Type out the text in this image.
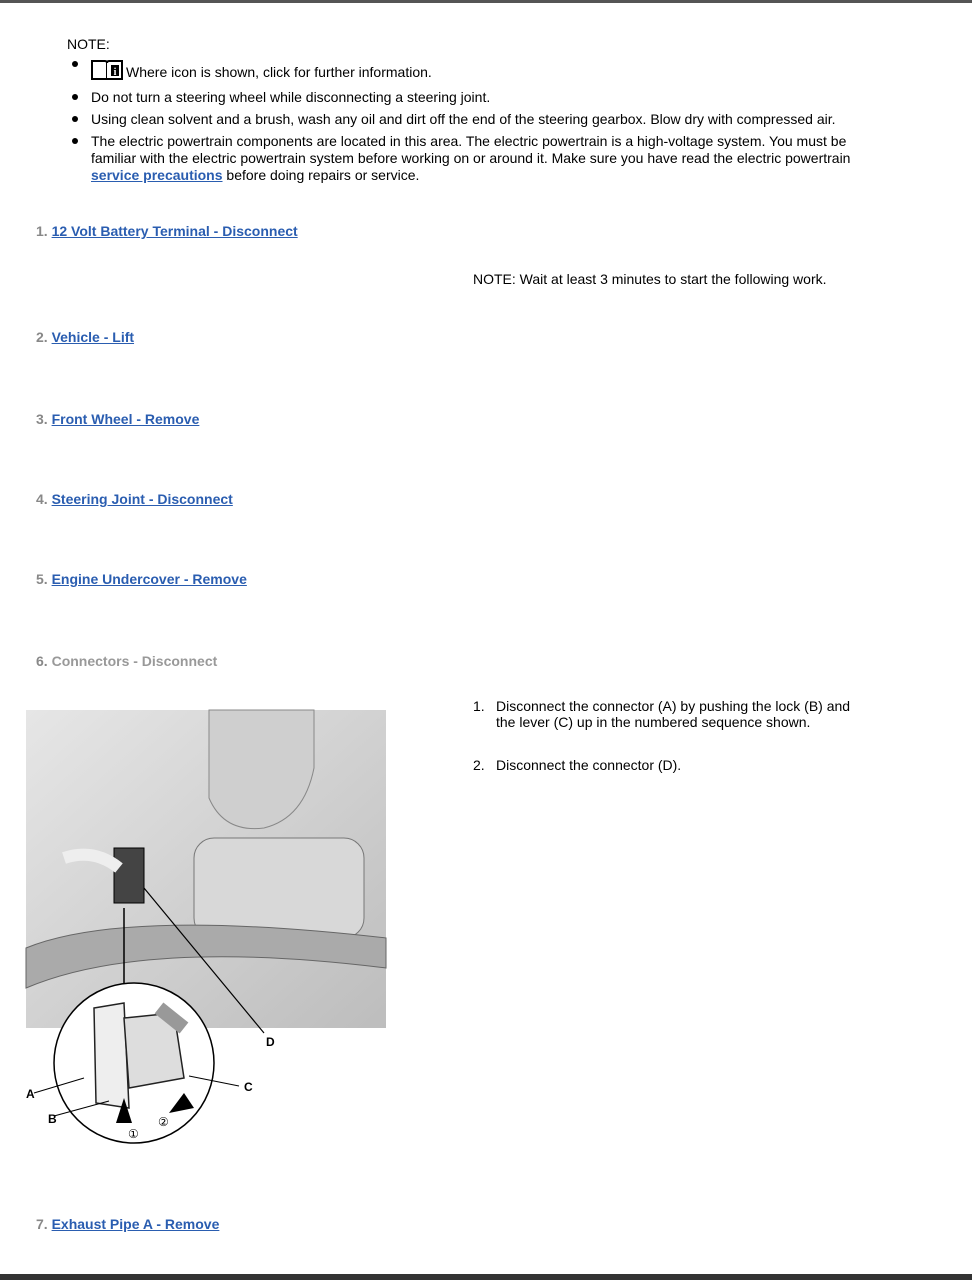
NOTE:
i Where icon is shown, click for further information.
Do not turn a steering wheel while disconnecting a steering joint.
Using clean solvent and a brush, wash any oil and dirt off the end of the steering gearbox. Blow dry with compressed air.
The electric powertrain components are located in this area. The electric powertrain is a high-voltage system. You must be familiar with the electric powertrain system before working on or around it. Make sure you have read the electric powertrain service precautions before doing repairs or service.
1. 12 Volt Battery Terminal - Disconnect
NOTE: Wait at least 3 minutes to start the following work.
2. Vehicle - Lift
3. Front Wheel - Remove
4. Steering Joint - Disconnect
5. Engine Undercover - Remove
6. Connectors - Disconnect
A
B
C
D
①
②
1. Disconnect the connector (A) by pushing the lock (B) and the lever (C) up in the numbered sequence shown.
2. Disconnect the connector (D).
7. Exhaust Pipe A - Remove
